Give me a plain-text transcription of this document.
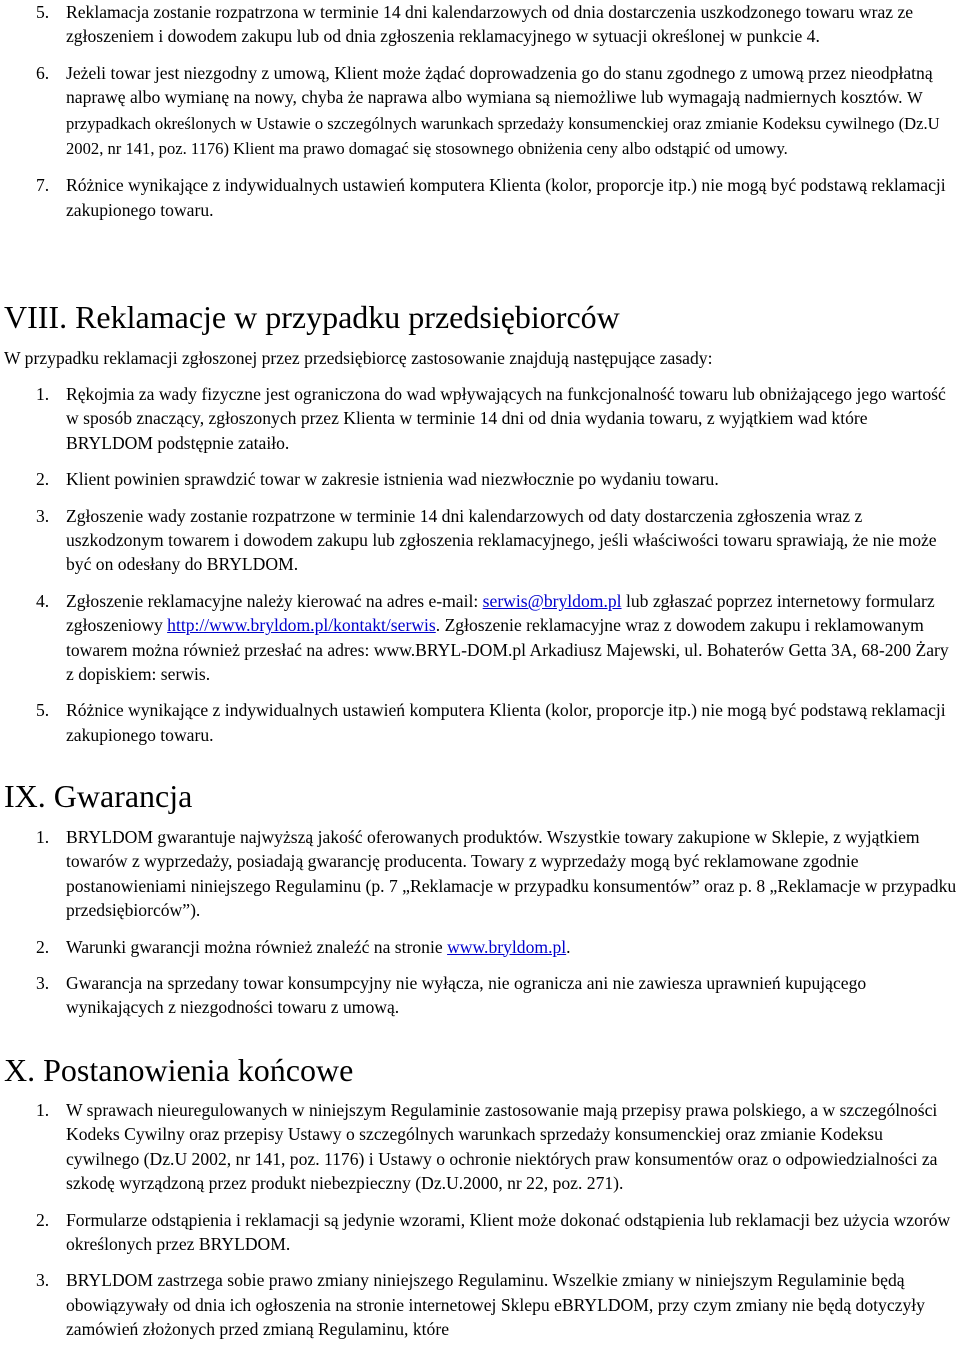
5. Reklamacja zostanie rozpatrzona w terminie 14 dni kalendarzowych od dnia dostarczenia uszkodzonego towaru wraz ze zgłoszeniem i dowodem zakupu lub od dnia zgłoszenia reklamacyjnego w sytuacji określonej w punkcie 4.

6. Jeżeli towar jest niezgodny z umową, Klient może żądać doprowadzenia go do stanu zgodnego z umową przez nieodpłatną naprawę albo wymianę na nowy, chyba że naprawa albo wymiana są niemożliwe lub wymagają nadmiernych kosztów. W przypadkach określonych w Ustawie o szczególnych warunkach sprzedaży konsumenckiej oraz zmianie Kodeksu cywilnego (Dz.U 2002, nr 141, poz. 1176) Klient ma prawo domagać się stosownego obniżenia ceny albo odstąpić od umowy.

7. Różnice wynikające z indywidualnych ustawień komputera Klienta (kolor, proporcje itp.) nie mogą być podstawą reklamacji zakupionego towaru.

VIII. Reklamacje w przypadku przedsiębiorców

W przypadku reklamacji zgłoszonej przez przedsiębiorcę zastosowanie znajdują następujące zasady:

1. Rękojmia za wady fizyczne jest ograniczona do wad wpływających na funkcjonalność towaru lub obniżającego jego wartość w sposób znaczący, zgłoszonych przez Klienta w terminie 14 dni od dnia wydania towaru, z wyjątkiem wad które BRYLDOM podstępnie zataiło.

2. Klient powinien sprawdzić towar w zakresie istnienia wad niezwłocznie po wydaniu towaru.

3. Zgłoszenie wady zostanie rozpatrzone w terminie 14 dni kalendarzowych od daty dostarczenia zgłoszenia wraz z uszkodzonym towarem i dowodem zakupu lub zgłoszenia reklamacyjnego, jeśli właściwości towaru sprawiają, że nie może być on odesłany do BRYLDOM.

4. Zgłoszenie reklamacyjne należy kierować na adres e-mail: serwis@bryldom.pl lub zgłaszać poprzez internetowy formularz zgłoszeniowy http://www.bryldom.pl/kontakt/serwis. Zgłoszenie reklamacyjne wraz z dowodem zakupu i reklamowanym towarem można również przesłać na adres: www.BRYL-DOM.pl Arkadiusz Majewski, ul. Bohaterów Getta 3A, 68-200 Żary z dopiskiem: serwis.

5. Różnice wynikające z indywidualnych ustawień komputera Klienta (kolor, proporcje itp.) nie mogą być podstawą reklamacji zakupionego towaru.

IX. Gwarancja

1. BRYLDOM gwarantuje najwyższą jakość oferowanych produktów. Wszystkie towary zakupione w Sklepie, z wyjątkiem towarów z wyprzedaży, posiadają gwarancję producenta. Towary z wyprzedaży mogą być reklamowane zgodnie postanowieniami niniejszego Regulaminu (p. 7 „Reklamacje w przypadku konsumentów” oraz p. 8 „Reklamacje w przypadku przedsiębiorców”).

2. Warunki gwarancji można również znaleźć na stronie www.bryldom.pl.

3. Gwarancja na sprzedany towar konsumpcyjny nie wyłącza, nie ogranicza ani nie zawiesza uprawnień kupującego wynikających z niezgodności towaru z umową.

X. Postanowienia końcowe

1. W sprawach nieuregulowanych w niniejszym Regulaminie zastosowanie mają przepisy prawa polskiego, a w szczególności Kodeks Cywilny oraz przepisy Ustawy o szczególnych warunkach sprzedaży konsumenckiej oraz zmianie Kodeksu cywilnego (Dz.U 2002, nr 141, poz. 1176) i Ustawy o ochronie niektórych praw konsumentów oraz o odpowiedzialności za szkodę wyrządzoną przez produkt niebezpieczny (Dz.U.2000, nr 22, poz. 271).

2. Formularze odstąpienia i reklamacji są jedynie wzorami, Klient może dokonać odstąpienia lub reklamacji bez użycia wzorów określonych przez BRYLDOM.

3. BRYLDOM zastrzega sobie prawo zmiany niniejszego Regulaminu. Wszelkie zmiany w niniejszym Regulaminie będą obowiązywały od dnia ich ogłoszenia na stronie internetowej Sklepu eBRYLDOM, przy czym zmiany nie będą dotyczyły zamówień złożonych przed zmianą Regulaminu, które
